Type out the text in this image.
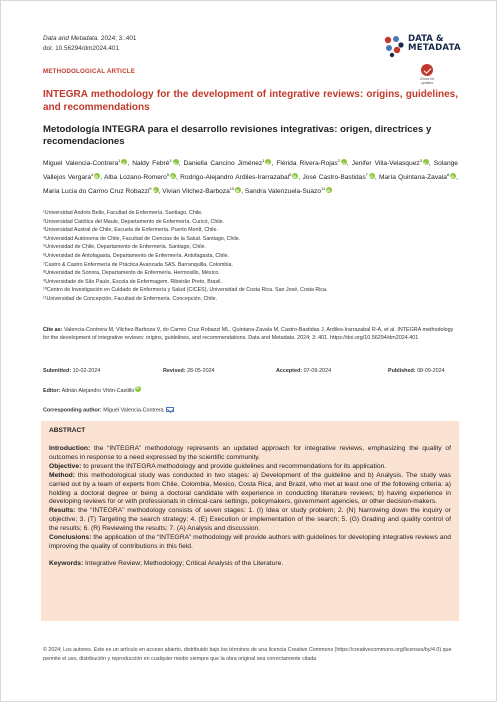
Data and Metadata. 2024; 3:.401
doi: 10.56294/dm2024.401
DATA &
METADATA
Check for updates
METHODOLOGICAL ARTICLE
INTEGRA methodology for the development of integrative reviews: origins, guidelines, and recommendations
Metodología INTEGRA para el desarrollo revisiones integrativas: origen, directrices y recomendaciones
Miguel Valencia-Contrera$^1$ iD , Naldy Febré$^1$ iD , Daniella Cancino Jiménez$^1$ iD , Flérida Rivera-Rojas$^2$ iD , Jenifer Villa-Velasquez$^3$ iD , Solange Vallejos Vergara$^4$ iD , Alba Lozano-Romero$^5$ iD , Rodrigo-Alejandro Ardiles-Irarrazabal$^6$ iD , José Castro-Bastidas$^7$ iD , María Quintana-Zavala$^8$ iD , Maria Lucia do Carmo Cruz Robazzi$^9$ iD , Vivian Vilchez-Barboza$^{10}$ iD , Sandra Valenzuela-Suazo$^{11}$iD
¹Universidad Andrés Bello, Facultad de Enfermería. Santiago, Chile.
²Universidad Católica del Maule, Departamento de Enfermería. Curicó, Chile.
³Universidad Austral de Chile, Escuela de Enfermería. Puerto Montt, Chile.
⁴Universidad Autónoma de Chile, Facultad de Ciencias de la Salud. Santiago, Chile.
⁵Universidad de Chile, Departamento de Enfermería. Santiago, Chile.
⁶Universidad de Antofagasta, Departamento de Enfermería. Antofagasta, Chile.
⁷Castro & Castro Enfermería de Práctica Avanzada SAS. Barranquilla, Colombia.
⁸Universidad de Sonora, Departamento de Enfermería. Hermosillo, México.
⁹Universidade de São Paulo, Escola de Enfermagem. Ribeirão Preto, Brasil.
¹⁰Centro de Investigación en Cuidado de Enfermería y Salud (CICES), Universidad de Costa Rica. San José, Costa Rica.
¹¹Universidad de Concepción, Facultad de Enfermería. Concepción, Chile.
Cite as: Valencia-Contrera M, Vilchez-Barboza V, do Carmo Cruz Robazzi ML, Quintana-Zavala M, Castro-Bastidas J, Ardiles-Irarrazabal R-A, et al. INTEGRA methodology for the development of integrative reviews: origins, guidelines, and recommendations. Data and Metadata. 2024; 3:.401. https://doi.org/10.56294/dm2024.401
Submitted: 10-02-2024	Revised: 28-05-2024	Accepted: 07-09-2024	Published: 08-09-2024
Editor: Adrián Alejandro Vitón-CastilloiD
Corresponding author: Miguel Valencia-Contrera
ABSTRACT
Introduction: the “INTEGRA” methodology represents an updated approach for integrative reviews, emphasizing the quality of outcomes in response to a need expressed by the scientific community.
Objective: to present the INTEGRA methodology and provide guidelines and recommendations for its application.
Method: this methodological study was conducted in two stages: a) Development of the guideline and b) Analysis. The study was carried out by a team of experts from Chile, Colombia, Mexico, Costa Rica, and Brazil, who met at least one of the following criteria: a) holding a doctoral degree or being a doctoral candidate with experience in conducting literature reviews; b) having experience in developing reviews for or with professionals in clinical-care settings, policymakers, government agencies, or other decision-makers.
Results: the “INTEGRA” methodology consists of seven stages: 1. (I) Idea or study problem; 2. (N) Narrowing down the inquiry or objective; 3. (T) Targeting the search strategy; 4. (E) Execution or implementation of the search; 5. (G) Grading and quality control of the results; 6. (R) Reviewing the results; 7. (A) Analysis and discussion.
Conclusions: the application of the “INTEGRA” methodology will provide authors with guidelines for developing integrative reviews and improving the quality of contributions in this field.
Keywords: Integrative Review; Methodology; Critical Analysis of the Literature.
© 2024; Los autores. Este es un artículo en acceso abierto, distribuido bajo los términos de una licencia Creative Commons (https://creativecommons.org/licenses/by/4.0) que permite el uso, distribución y reproducción en cualquier medio siempre que la obra original sea correctamente citada
